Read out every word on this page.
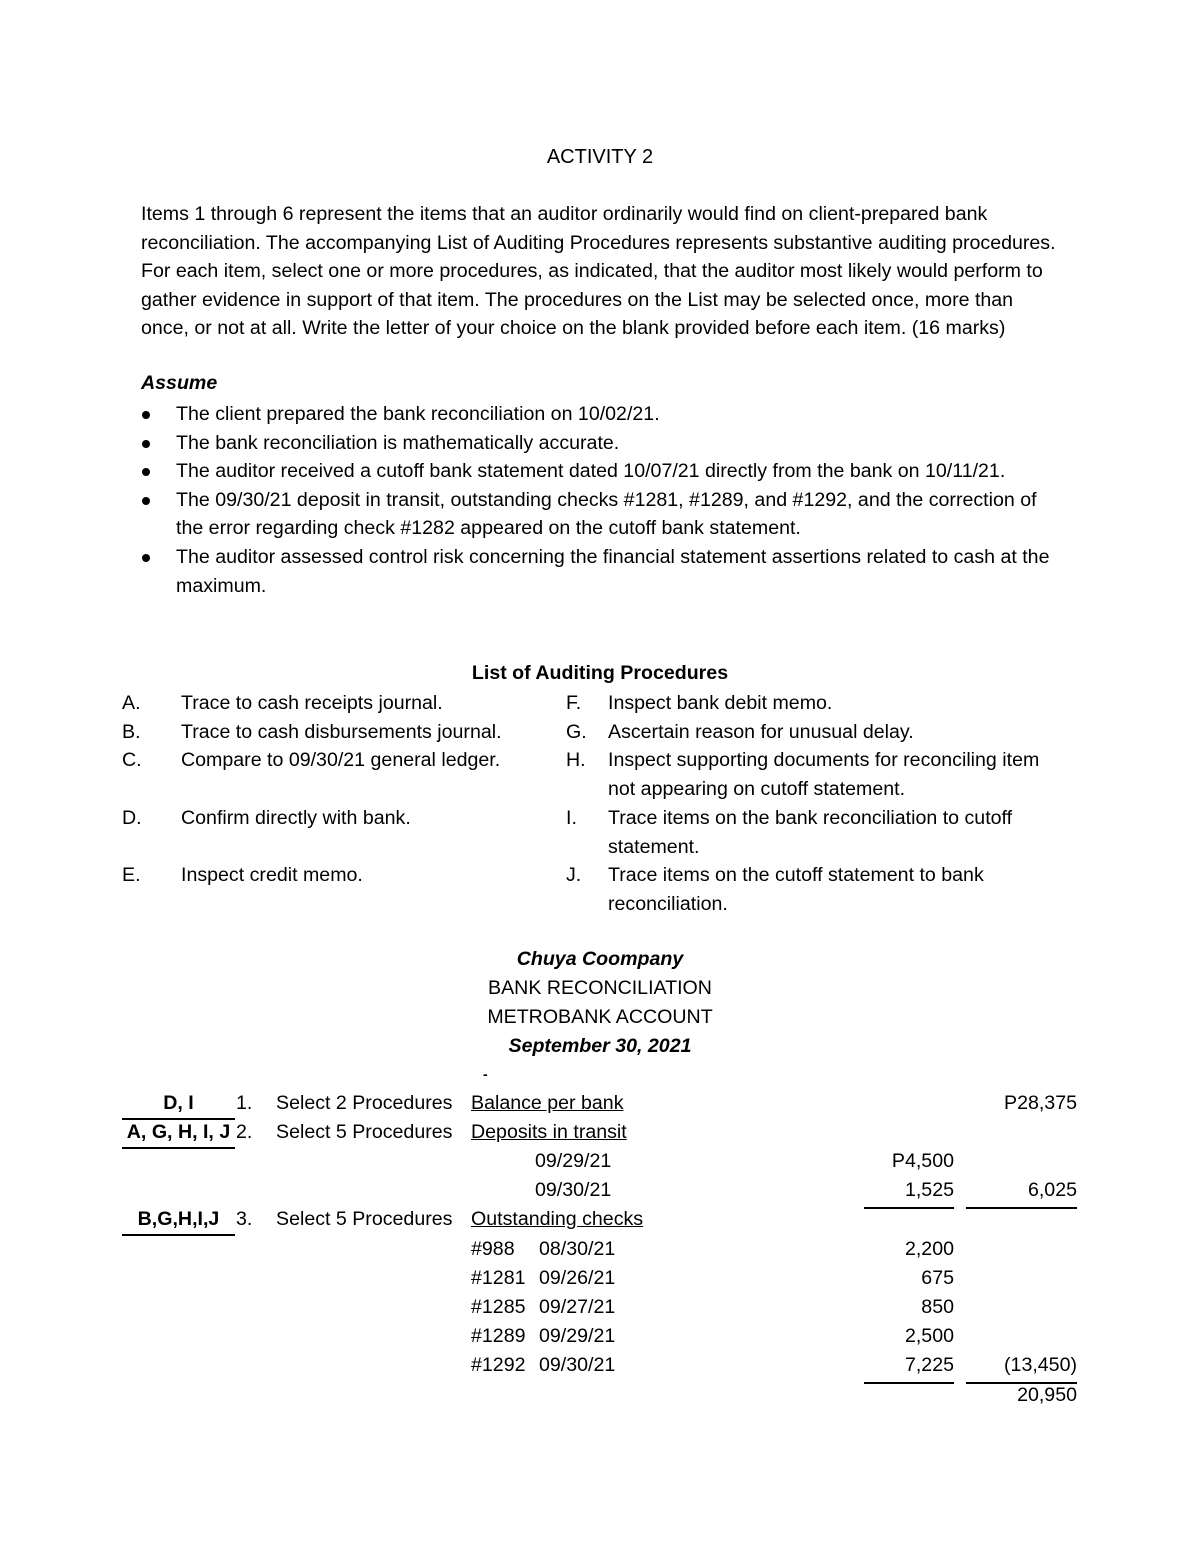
ACTIVITY 2
Items 1 through 6 represent the items that an auditor ordinarily would find on client-prepared bank reconciliation. The accompanying List of Auditing Procedures represents substantive auditing procedures. For each item, select one or more procedures, as indicated, that the auditor most likely would perform to gather evidence in support of that item. The procedures on the List may be selected once, more than once, or not at all. Write the letter of your choice on the blank provided before each item. (16 marks)
Assume
The client prepared the bank reconciliation on 10/02/21.
The bank reconciliation is mathematically accurate.
The auditor received a cutoff bank statement dated 10/07/21 directly from the bank on 10/11/21.
The 09/30/21 deposit in transit, outstanding checks #1281, #1289, and #1292, and the correction of the error regarding check #1282 appeared on the cutoff bank statement.
The auditor assessed control risk concerning the financial statement assertions related to cash at the maximum.
List of Auditing Procedures
A. Trace to cash receipts journal.
B. Trace to cash disbursements journal.
C. Compare to 09/30/21 general ledger.
D. Confirm directly with bank.
E. Inspect credit memo.
F. Inspect bank debit memo.
G. Ascertain reason for unusual delay.
H. Inspect supporting documents for reconciling item not appearing on cutoff statement.
I. Trace items on the bank reconciliation to cutoff statement.
J. Trace items on the cutoff statement to bank reconciliation.
Chuya Coompany
BANK RECONCILIATION
METROBANK ACCOUNT
September 30, 2021
-
D, I	1. Select 2 Procedures Balance per bank	P28,375
A, G, H, I, J 2. Select 5 Procedures Deposits in transit
09/29/21	P4,500
09/30/21	1,525	6,025
B,G,H,I,J 3. Select 5 Procedures Outstanding checks
#988 08/30/21	2,200
#1281 09/26/21	675
#1285 09/27/21	850
#1289 09/29/21	2,500
#1292 09/30/21	7,225	(13,450)
20,950
